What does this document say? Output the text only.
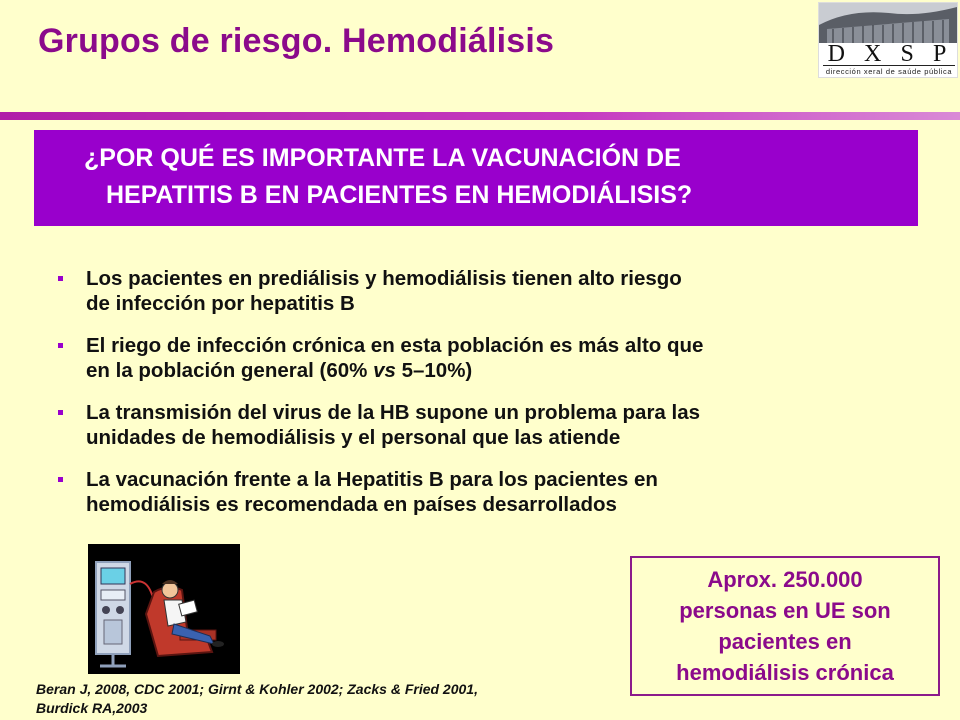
Grupos de riesgo. Hemodiálisis	D X S P
dirección xeral de saúde pública
¿POR QUÉ ES IMPORTANTE LA VACUNACIÓN DE
HEPATITIS B EN PACIENTES EN HEMODIÁLISIS?
Los pacientes en prediálisis y hemodiálisis tienen alto riesgo
de infección por hepatitis B
El riego de infección crónica en esta población es más alto que
en la población general (60% vs 5–10%)
La transmisión del virus de la HB supone un problema para las
unidades de hemodiálisis y el personal que las atiende
La vacunación frente a la Hepatitis B para los pacientes en
hemodiálisis es recomendada en países desarrollados
Aprox. 250.000
personas en UE son
pacientes en
hemodiálisis crónica
Beran J, 2008, CDC 2001; Girnt & Kohler 2002; Zacks & Fried 2001,
Burdick RA,2003
